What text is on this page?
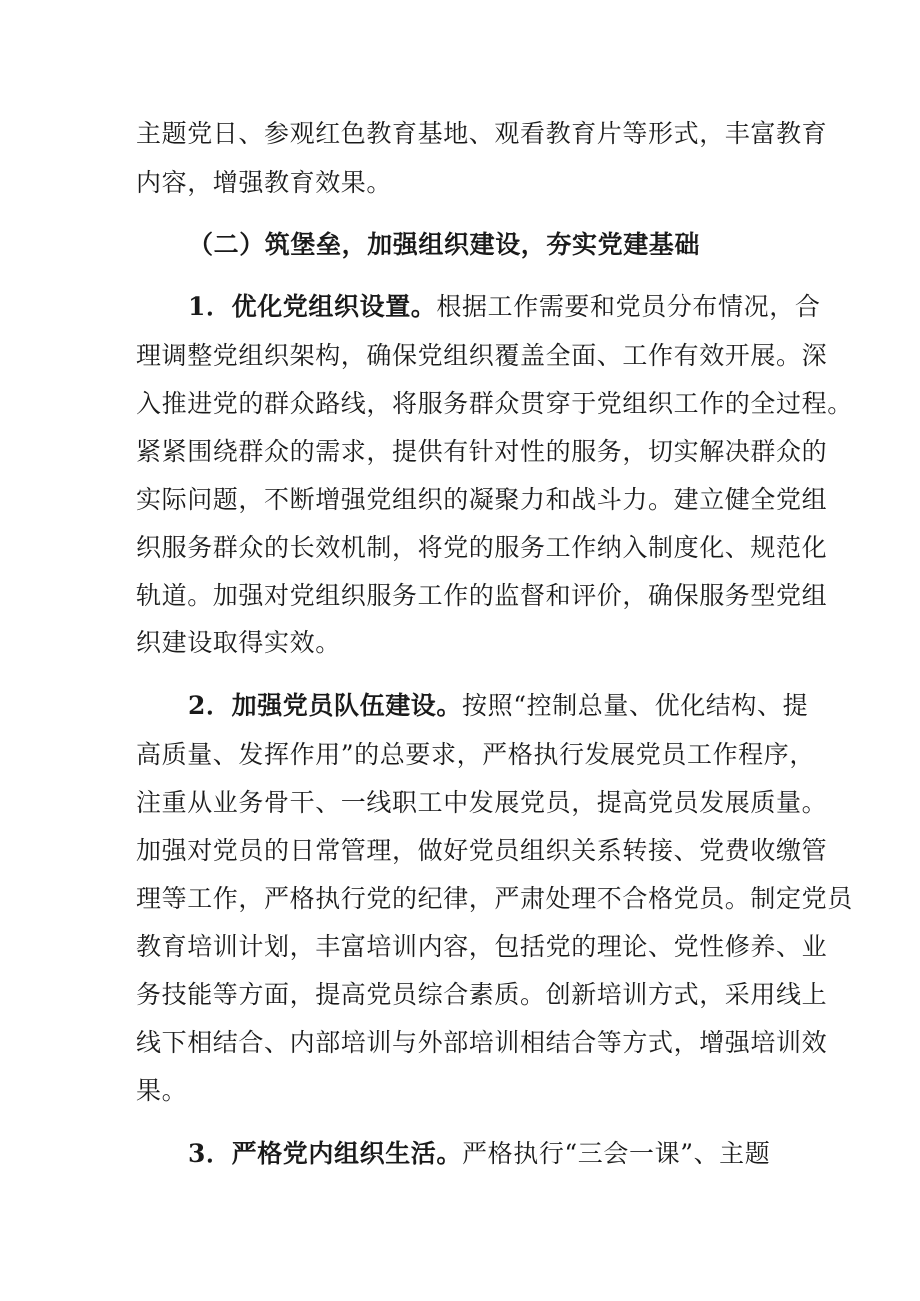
主题党日、参观红色教育基地、观看教育片等形式，丰富教育
内容，增强教育效果。
（二）筑堡垒，加强组织建设，夯实党建基础
1．优化党组织设置。根据工作需要和党员分布情况，合
理调整党组织架构，确保党组织覆盖全面、工作有效开展。深
入推进党的群众路线，将服务群众贯穿于党组织工作的全过程。
紧紧围绕群众的需求，提供有针对性的服务，切实解决群众的
实际问题，不断增强党组织的凝聚力和战斗力。建立健全党组
织服务群众的长效机制，将党的服务工作纳入制度化、规范化
轨道。加强对党组织服务工作的监督和评价，确保服务型党组
织建设取得实效。
2．加强党员队伍建设。按照“控制总量、优化结构、提
高质量、发挥作用”的总要求，严格执行发展党员工作程序，
注重从业务骨干、一线职工中发展党员，提高党员发展质量。
加强对党员的日常管理，做好党员组织关系转接、党费收缴管
理等工作，严格执行党的纪律，严肃处理不合格党员。制定党员
教育培训计划，丰富培训内容，包括党的理论、党性修养、业
务技能等方面，提高党员综合素质。创新培训方式，采用线上
线下相结合、内部培训与外部培训相结合等方式，增强培训效
果。
3．严格党内组织生活。严格执行“三会一课”、主题
